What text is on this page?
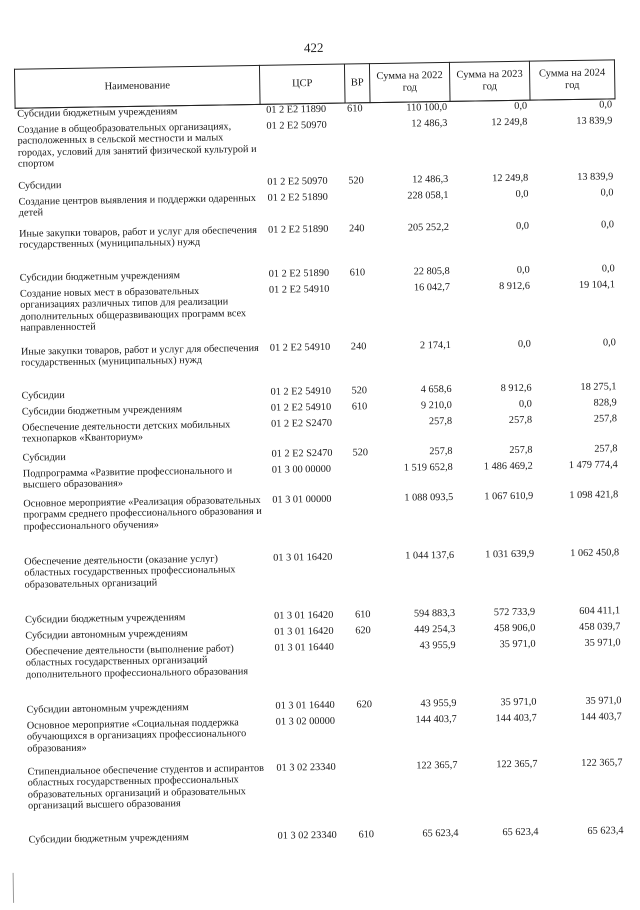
422
Наименование	ЦСР	ВР	Сумма на 2022 год	Сумма на 2023 год	Сумма на 2024 год
Субсидии бюджетным учреждениям	01 2 E2 11890	610	110 100,0	0,0	0,0
Создание в общеобразовательных организациях, расположенных в сельской местности и малых городах, условий для занятий физической культурой и спортом	01 2 E2 50970		12 486,3	12 249,8	13 839,9
Субсидии	01 2 E2 50970	520	12 486,3	12 249,8	13 839,9
Создание центров выявления и поддержки одаренных детей	01 2 E2 51890		228 058,1	0,0	0,0
Иные закупки товаров, работ и услуг для обеспечения государственных (муниципальных) нужд	01 2 E2 51890	240	205 252,2	0,0	0,0
Субсидии бюджетным учреждениям	01 2 E2 51890	610	22 805,8	0,0	0,0
Создание новых мест в образовательных организациях различных типов для реализации дополнительных общеразвивающих программ всех направленностей	01 2 E2 54910		16 042,7	8 912,6	19 104,1
Иные закупки товаров, работ и услуг для обеспечения государственных (муниципальных) нужд	01 2 E2 54910	240	2 174,1	0,0	0,0
Субсидии	01 2 E2 54910	520	4 658,6	8 912,6	18 275,1
Субсидии бюджетным учреждениям	01 2 E2 54910	610	9 210,0	0,0	828,9
Обеспечение деятельности детских мобильных технопарков «Кванториум»	01 2 E2 S2470		257,8	257,8	257,8
Субсидии	01 2 E2 S2470	520	257,8	257,8	257,8
Подпрограмма «Развитие профессионального и высшего образования»	01 3 00 00000		1 519 652,8	1 486 469,2	1 479 774,4
Основное мероприятие «Реализация образовательных программ среднего профессионального образования и профессионального обучения»	01 3 01 00000		1 088 093,5	1 067 610,9	1 098 421,8
Обеспечение деятельности (оказание услуг) областных государственных профессиональных образовательных организаций	01 3 01 16420		1 044 137,6	1 031 639,9	1 062 450,8
Субсидии бюджетным учреждениям	01 3 01 16420	610	594 883,3	572 733,9	604 411,1
Субсидии автономным учреждениям	01 3 01 16420	620	449 254,3	458 906,0	458 039,7
Обеспечение деятельности (выполнение работ) областных государственных организаций дополнительного профессионального образования	01 3 01 16440		43 955,9	35 971,0	35 971,0
Субсидии автономным учреждениям	01 3 01 16440	620	43 955,9	35 971,0	35 971,0
Основное мероприятие «Социальная поддержка обучающихся в организациях профессионального образования»	01 3 02 00000		144 403,7	144 403,7	144 403,7
Стипендиальное обеспечение студентов и аспирантов областных государственных профессиональных образовательных организаций и образовательных организаций высшего образования	01 3 02 23340		122 365,7	122 365,7	122 365,7
Субсидии бюджетным учреждениям	01 3 02 23340	610	65 623,4	65 623,4	65 623,4
